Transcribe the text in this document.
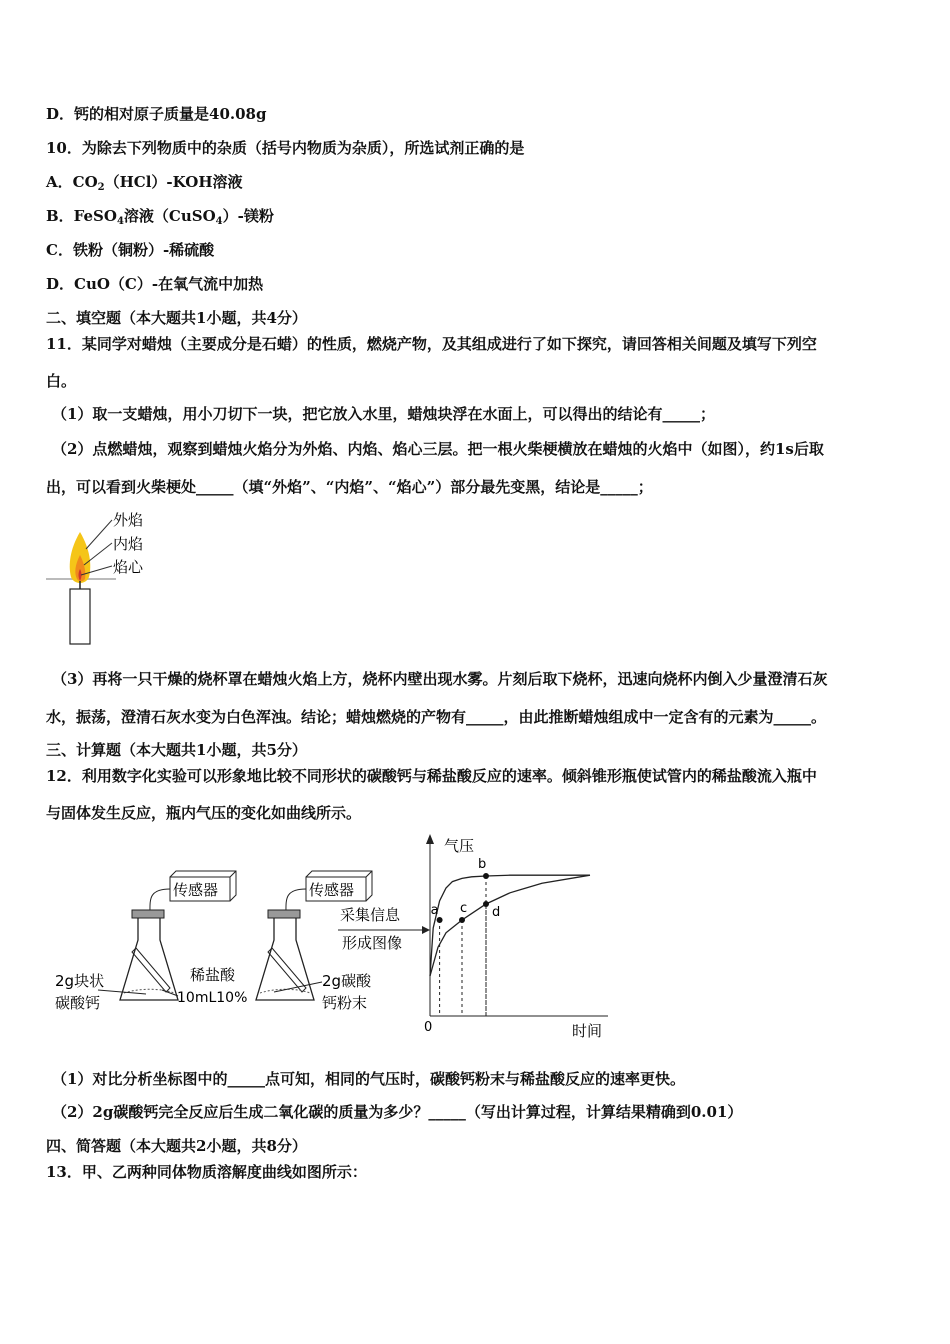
D．钙的相对原子质量是40.08g
10．为除去下列物质中的杂质（括号内物质为杂质），所选试剂正确的是
A．$CO_2(HCl)$-KOH溶液
B．FeSO$_4$溶液（CuSO$_4$）-镁粉
C．铁粉（铜粉）-稀硫酸
D．CuO（C）-在氧气流中加热
二、填空题（本大题共1小题，共4分）
11．某同学对蜡烛（主要成分是石蜡）的性质，燃烧产物，及其组成进行了如下探究，请回答相关间题及填写下列空
白。
（1）取一支蜡烛，用小刀切下一块，把它放入水里，蜡烛块浮在水面上，可以得出的结论有_____；
（2）点燃蜡烛，观察到蜡烛火焰分为外焰、内焰、焰心三层。把一根火柴梗横放在蜡烛的火焰中（如图），约1s后取
出，可以看到火柴梗处_____（填“外焰”、“内焰”、“焰心”）部分最先变黑，结论是_____；
外焰
内焰
焰心
（3）再将一只干燥的烧杯罩在蜡烛火焰上方，烧杯内壁出现水雾。片刻后取下烧杯，迅速向烧杯内倒入少量澄清石灰
水，振荡，澄清石灰水变为白色浑浊。结论；蜡烛燃烧的产物有_____，由此推断蜡烛组成中一定含有的元素为_____。
三、计算题（本大题共1小题，共5分）
12．利用数字化实验可以形象地比较不同形状的碳酸钙与稀盐酸反应的速率。倾斜锥形瓶使试管内的稀盐酸流入瓶中
与固体发生反应，瓶内气压的变化如曲线所示。
传感器
2g块状
碳酸钙
稀盐酸
10mL10%
传感器
2g碳酸
钙粉末
采集信息
形成图像
气压
时间
0
a c
b
d
（1）对比分析坐标图中的_____点可知，相同的气压时，碳酸钙粉末与稀盐酸反应的速率更快。
（2）2g碳酸钙完全反应后生成二氧化碳的质量为多少？_____（写出计算过程，计算结果精确到0.01）
四、简答题（本大题共2小题，共8分）
13．甲、乙两种同体物质溶解度曲线如图所示：
